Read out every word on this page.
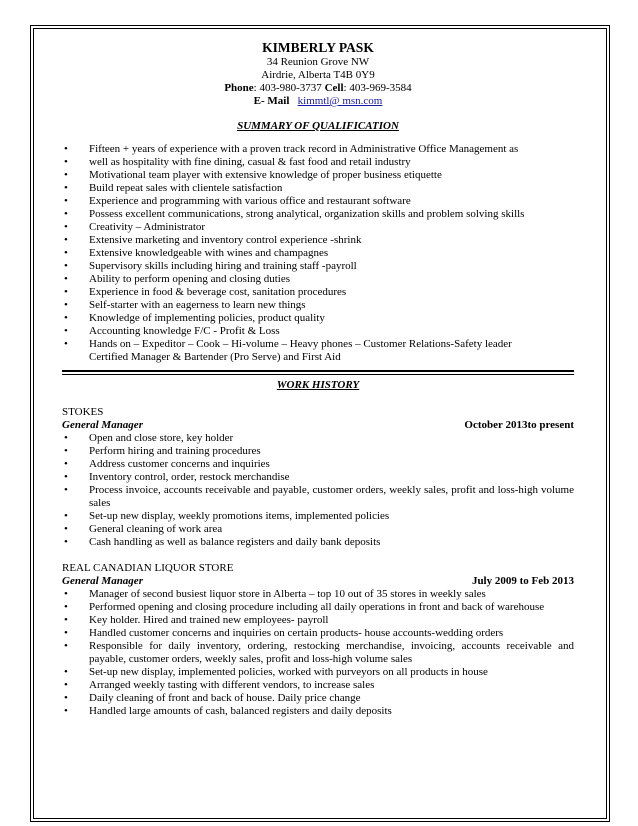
KIMBERLY PASK
34 Reunion Grove NW
Airdrie, Alberta T4B 0Y9
Phone: 403-980-3737 Cell: 403-969-3584
E- Mail kimmtl@ msn.com
SUMMARY OF QUALIFICATION
• Fifteen + years of experience with a proven track record in Administrative Office Management as
• well as hospitality with fine dining, casual & fast food and retail industry
• Motivational team player with extensive knowledge of proper business etiquette
• Build repeat sales with clientele satisfaction
• Experience and programming with various office and restaurant software
• Possess excellent communications, strong analytical, organization skills and problem solving skills
• Creativity – Administrator
• Extensive marketing and inventory control experience -shrink
• Extensive knowledgeable with wines and champagnes
• Supervisory skills including hiring and training staff -payroll
• Ability to perform opening and closing duties
• Experience in food & beverage cost, sanitation procedures
• Self-starter with an eagerness to learn new things
• Knowledge of implementing policies, product quality
• Accounting knowledge F/C - Profit & Loss
• Hands on – Expeditor – Cook – Hi-volume – Heavy phones – Customer Relations-Safety leader
Certified Manager & Bartender (Pro Serve) and First Aid
WORK HISTORY
STOKES
General Manager	October 2013to present
• Open and close store, key holder
• Perform hiring and training procedures
• Address customer concerns and inquiries
• Inventory control, order, restock merchandise
• Process invoice, accounts receivable and payable, customer orders, weekly sales, profit and loss-high volume sales
• Set-up new display, weekly promotions items, implemented policies
• General cleaning of work area
• Cash handling as well as balance registers and daily bank deposits
REAL CANADIAN LIQUOR STORE
General Manager	July 2009 to Feb 2013
• Manager of second busiest liquor store in Alberta – top 10 out of 35 stores in weekly sales
• Performed opening and closing procedure including all daily operations in front and back of warehouse
• Key holder. Hired and trained new employees- payroll
• Handled customer concerns and inquiries on certain products- house accounts-wedding orders
• Responsible for daily inventory, ordering, restocking merchandise, invoicing, accounts receivable and payable, customer orders, weekly sales, profit and loss-high volume sales
• Set-up new display, implemented policies, worked with purveyors on all products in house
• Arranged weekly tasting with different vendors, to increase sales
• Daily cleaning of front and back of house. Daily price change
• Handled large amounts of cash, balanced registers and daily deposits
